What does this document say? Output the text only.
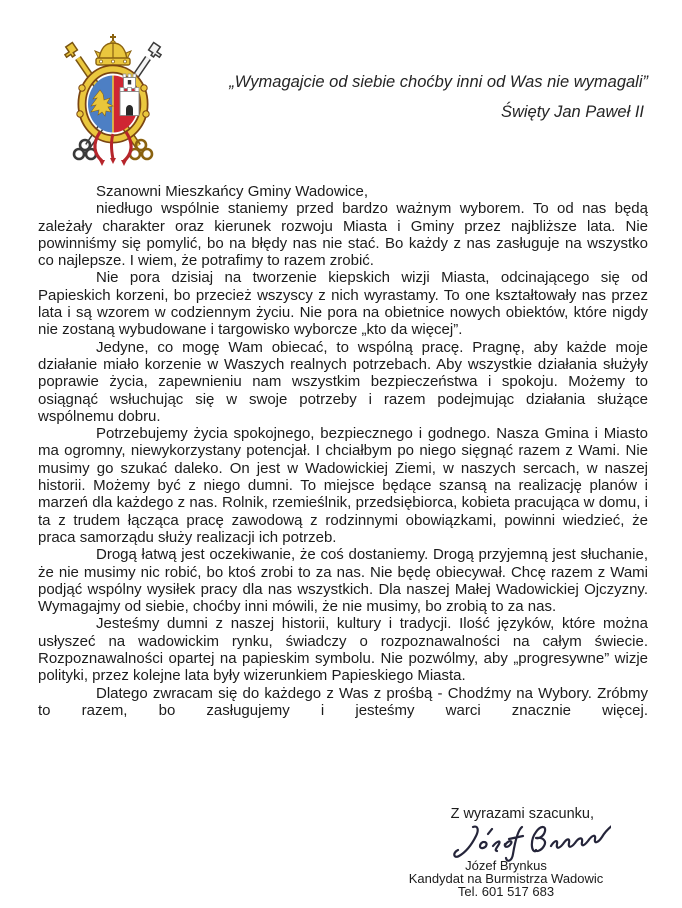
„Wymagajcie od siebie choćby inni od Was nie wymagali”
Święty Jan Paweł II

Szanowni Mieszkańcy Gminy Wadowice,

niedługo wspólnie staniemy przed bardzo ważnym wyborem. To od nas będą zależały charakter oraz kierunek rozwoju Miasta i Gminy przez najbliższe lata. Nie powinniśmy się pomylić, bo na błędy nas nie stać. Bo każdy z nas zasługuje na wszystko co najlepsze. I wiem, że potrafimy to razem zrobić.

Nie pora dzisiaj na tworzenie kiepskich wizji Miasta, odcinającego się od Papieskich korzeni, bo przecież wszyscy z nich wyrastamy. To one kształtowały nas przez lata i są wzorem w codziennym życiu. Nie pora na obietnice nowych obiektów, które nigdy nie zostaną wybudowane i targowisko wyborcze „kto da więcej”.

Jedyne, co mogę Wam obiecać, to wspólną pracę. Pragnę, aby każde moje działanie miało korzenie w Waszych realnych potrzebach. Aby wszystkie działania służyły poprawie życia, zapewnieniu nam wszystkim bezpieczeństwa i spokoju. Możemy to osiągnąć wsłuchując się w swoje potrzeby i razem podejmując działania służące wspólnemu dobru.

Potrzebujemy życia spokojnego, bezpiecznego i godnego. Nasza Gmina i Miasto ma ogromny, niewykorzystany potencjał. I chciałbym po niego sięgnąć razem z Wami. Nie musimy go szukać daleko. On jest w Wadowickiej Ziemi, w naszych sercach, w naszej historii. Możemy być z niego dumni. To miejsce będące szansą na realizację planów i marzeń dla każdego z nas. Rolnik, rzemieślnik, przedsiębiorca, kobieta pracująca w domu, i ta z trudem łącząca pracę zawodową z rodzinnymi obowiązkami, powinni wiedzieć, że praca samorządu służy realizacji ich potrzeb.

Drogą łatwą jest oczekiwanie, że coś dostaniemy. Drogą przyjemną jest słuchanie, że nie musimy nic robić, bo ktoś zrobi to za nas. Nie będę obiecywał. Chcę razem z Wami podjąć wspólny wysiłek pracy dla nas wszystkich. Dla naszej Małej Wadowickiej Ojczyzny. Wymagajmy od siebie, choćby inni mówili, że nie musimy, bo zrobią to za nas.

Jesteśmy dumni z naszej historii, kultury i tradycji. Ilość języków, które można usłyszeć na wadowickim rynku, świadczy o rozpoznawalności na całym świecie. Rozpoznawalności opartej na papieskim symbolu. Nie pozwólmy, aby „progresywne” wizje polityki, przez kolejne lata były wizerunkiem Papieskiego Miasta.

Dlatego zwracam się do każdego z Was z prośbą - Chodźmy na Wybory. Zróbmy to razem, bo zasługujemy i jesteśmy warci znacznie więcej.

Z wyrazami szacunku,
Józef Brynkus
Kandydat na Burmistrza Wadowic
Tel. 601 517 683
